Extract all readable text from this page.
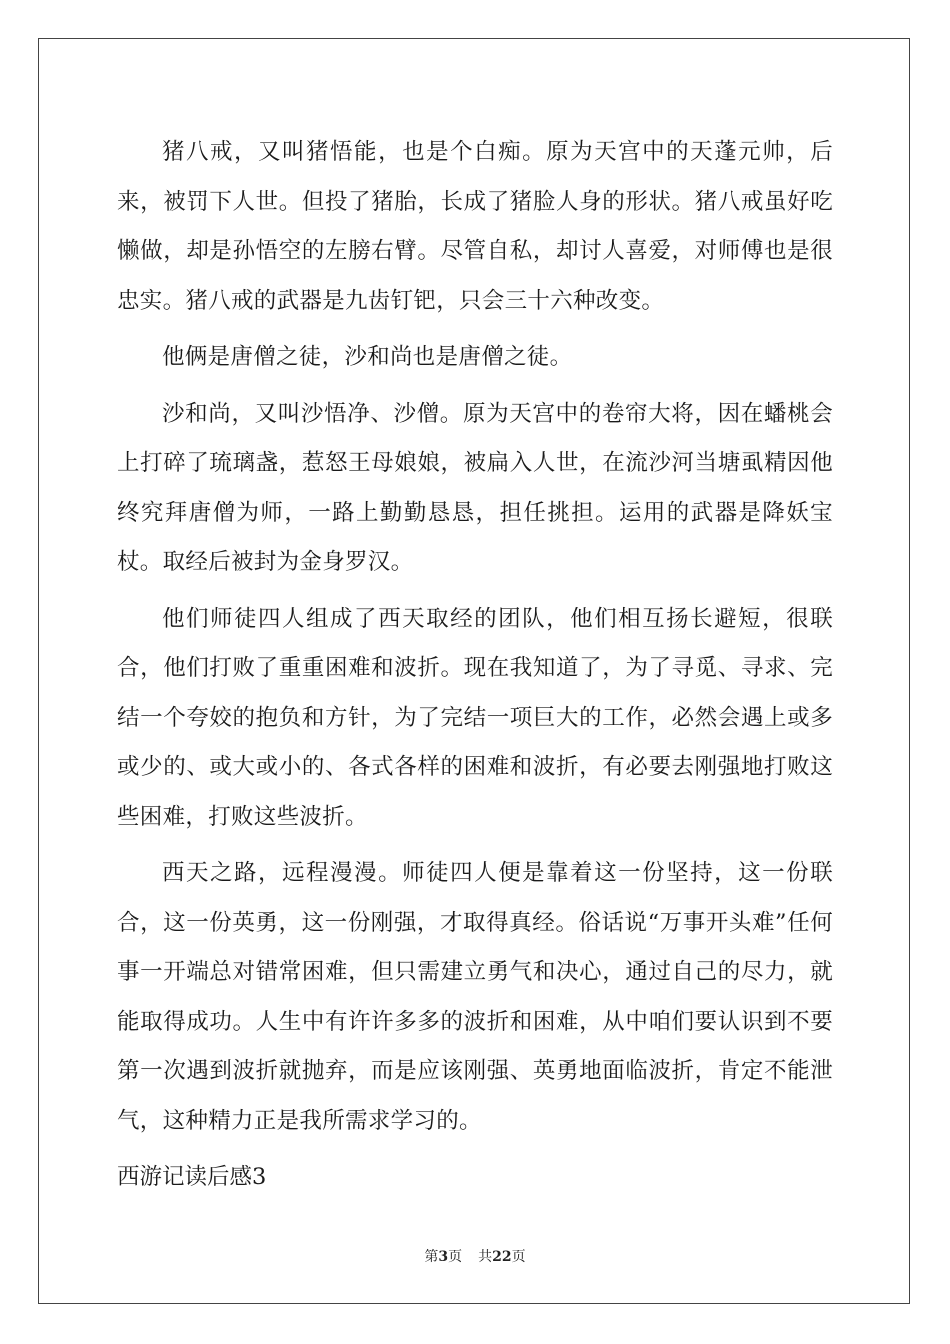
猪八戒，又叫猪悟能，也是个白痴。原为天宫中的天蓬元帅，后来，被罚下人世。但投了猪胎，长成了猪脸人身的形状。猪八戒虽好吃懒做，却是孙悟空的左膀右臂。尽管自私，却讨人喜爱，对师傅也是很忠实。猪八戒的武器是九齿钉钯，只会三十六种改变。

他俩是唐僧之徒，沙和尚也是唐僧之徒。

沙和尚，又叫沙悟净、沙僧。原为天宫中的卷帘大将，因在蟠桃会上打碎了琉璃盏，惹怒王母娘娘，被扁入人世，在流沙河当塘虱精因他终究拜唐僧为师，一路上勤勤恳恳，担任挑担。运用的武器是降妖宝杖。取经后被封为金身罗汉。

他们师徒四人组成了西天取经的团队，他们相互扬长避短，很联合，他们打败了重重困难和波折。现在我知道了，为了寻觅、寻求、完结一个夸姣的抱负和方针，为了完结一项巨大的工作，必然会遇上或多或少的、或大或小的、各式各样的困难和波折，有必要去刚强地打败这些困难，打败这些波折。

西天之路，远程漫漫。师徒四人便是靠着这一份坚持，这一份联合，这一份英勇，这一份刚强，才取得真经。俗话说“万事开头难”任何事一开端总对错常困难，但只需建立勇气和决心，通过自己的尽力，就能取得成功。人生中有许许多多的波折和困难，从中咱们要认识到不要第一次遇到波折就抛弃，而是应该刚强、英勇地面临波折，肯定不能泄气，这种精力正是我所需求学习的。

西游记读后感3

第3页 共22页
